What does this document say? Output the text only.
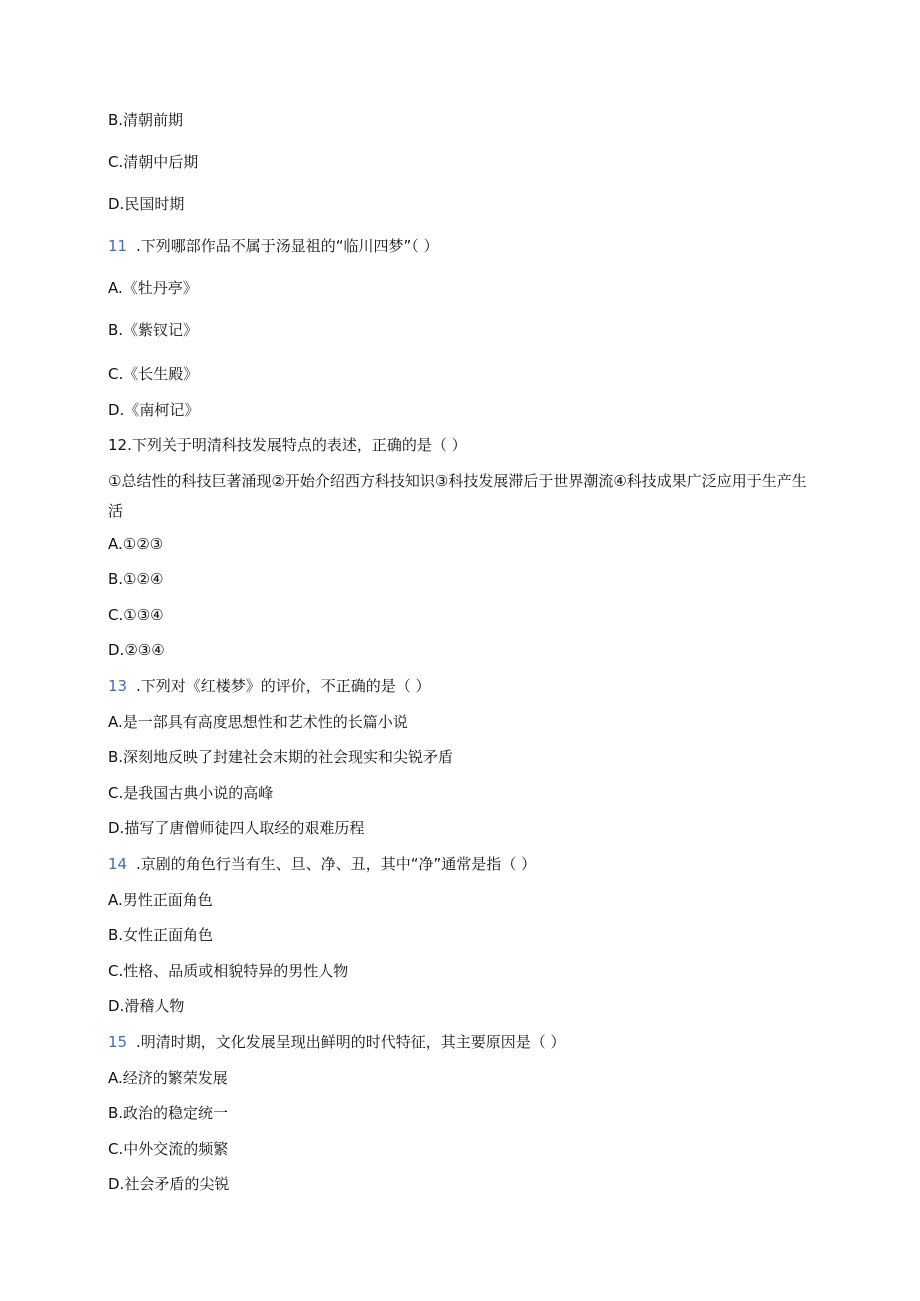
B.清朝前期
C.清朝中后期
D.民国时期
11 .下列哪部作品不属于汤显祖的“临川四梦”（ ）
A.《牡丹亭》
B.《紫钗记》
C.《长生殿》
D.《南柯记》
12.下列关于明清科技发展特点的表述，正确的是（ ）
①总结性的科技巨著涌现②开始介绍西方科技知识③科技发展滞后于世界潮流④科技成果广泛应用于生产生活
A.①②③
B.①②④
C.①③④
D.②③④
13 .下列对《红楼梦》的评价，不正确的是（ ）
A.是一部具有高度思想性和艺术性的长篇小说
B.深刻地反映了封建社会末期的社会现实和尖锐矛盾
C.是我国古典小说的高峰
D.描写了唐僧师徒四人取经的艰难历程
14 .京剧的角色行当有生、旦、净、丑，其中“净”通常是指（ ）
A.男性正面角色
B.女性正面角色
C.性格、品质或相貌特异的男性人物
D.滑稽人物
15 .明清时期，文化发展呈现出鲜明的时代特征，其主要原因是（ ）
A.经济的繁荣发展
B.政治的稳定统一
C.中外交流的频繁
D.社会矛盾的尖锐
